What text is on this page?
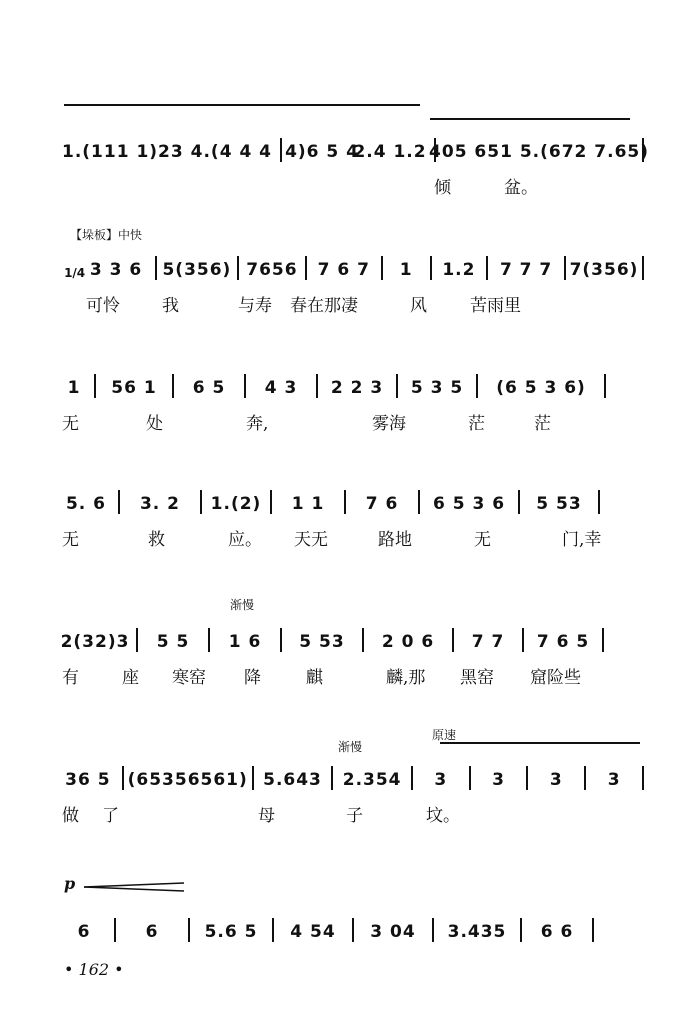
1.(111 1)23 4.(4 4 4 4)6 5 4
2.4 1.2 405 651 5.(672 7.65)
倾	盆。
【垛板】中快
1/4 3 3 6 5(356) 7656 7 6 7 1 1.2 7 7 7 7(356)
可怜	我	与寿	春在那凄	风	苦雨里
1 56 1 6 5 4 3 2 2 3 5 3 5 (6 5 3 6)
无	处	奔,	雾海	茫	茫
5. 6 3. 2 1.(2) 1 1 7 6 6 5 3 6 5 53
无	救	应。	天无	路地	无	门,幸
渐慢
2(32)3 5 5 1 6 5 53 2 0 6 7 7 7 6 5
有	座	寒窑	降	麒	麟,那	黑窑	窟险些
渐慢
原速
36 5 (65356561) 5.643 2.354 3	3	3	3
做	了	母	子	坟。
p
6	6	5.6 5 4 54 3 04 3.435 6 6
• 162 •
